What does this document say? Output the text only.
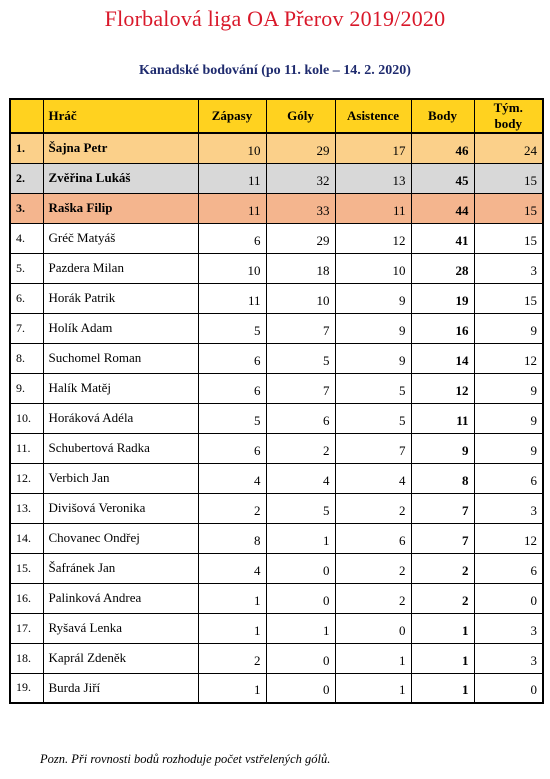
Florbalová liga OA Přerov 2019/2020
Kanadské bodování (po 11. kole – 14. 2. 2020)
	Hráč	Zápasy	Góly	Asistence	Body	Tým. body
1.	Šajna Petr	10	29	17	46	24
2.	Zvěřina Lukáš	11	32	13	45	15
3.	Raška Filip	11	33	11	44	15
4.	Gréč Matyáš	6	29	12	41	15
5.	Pazdera Milan	10	18	10	28	3
6.	Horák Patrik	11	10	9	19	15
7.	Holík Adam	5	7	9	16	9
8.	Suchomel Roman	6	5	9	14	12
9.	Halík Matěj	6	7	5	12	9
10.	Horáková Adéla	5	6	5	11	9
11.	Schubertová Radka	6	2	7	9	9
12.	Verbich Jan	4	4	4	8	6
13.	Divišová Veronika	2	5	2	7	3
14.	Chovanec Ondřej	8	1	6	7	12
15.	Šafránek Jan	4	0	2	2	6
16.	Palinková Andrea	1	0	2	2	0
17.	Ryšavá Lenka	1	1	0	1	3
18.	Kaprál Zdeněk	2	0	1	1	3
19.	Burda Jiří	1	0	1	1	0
Pozn. Při rovnosti bodů rozhoduje počet vstřelených gólů.
